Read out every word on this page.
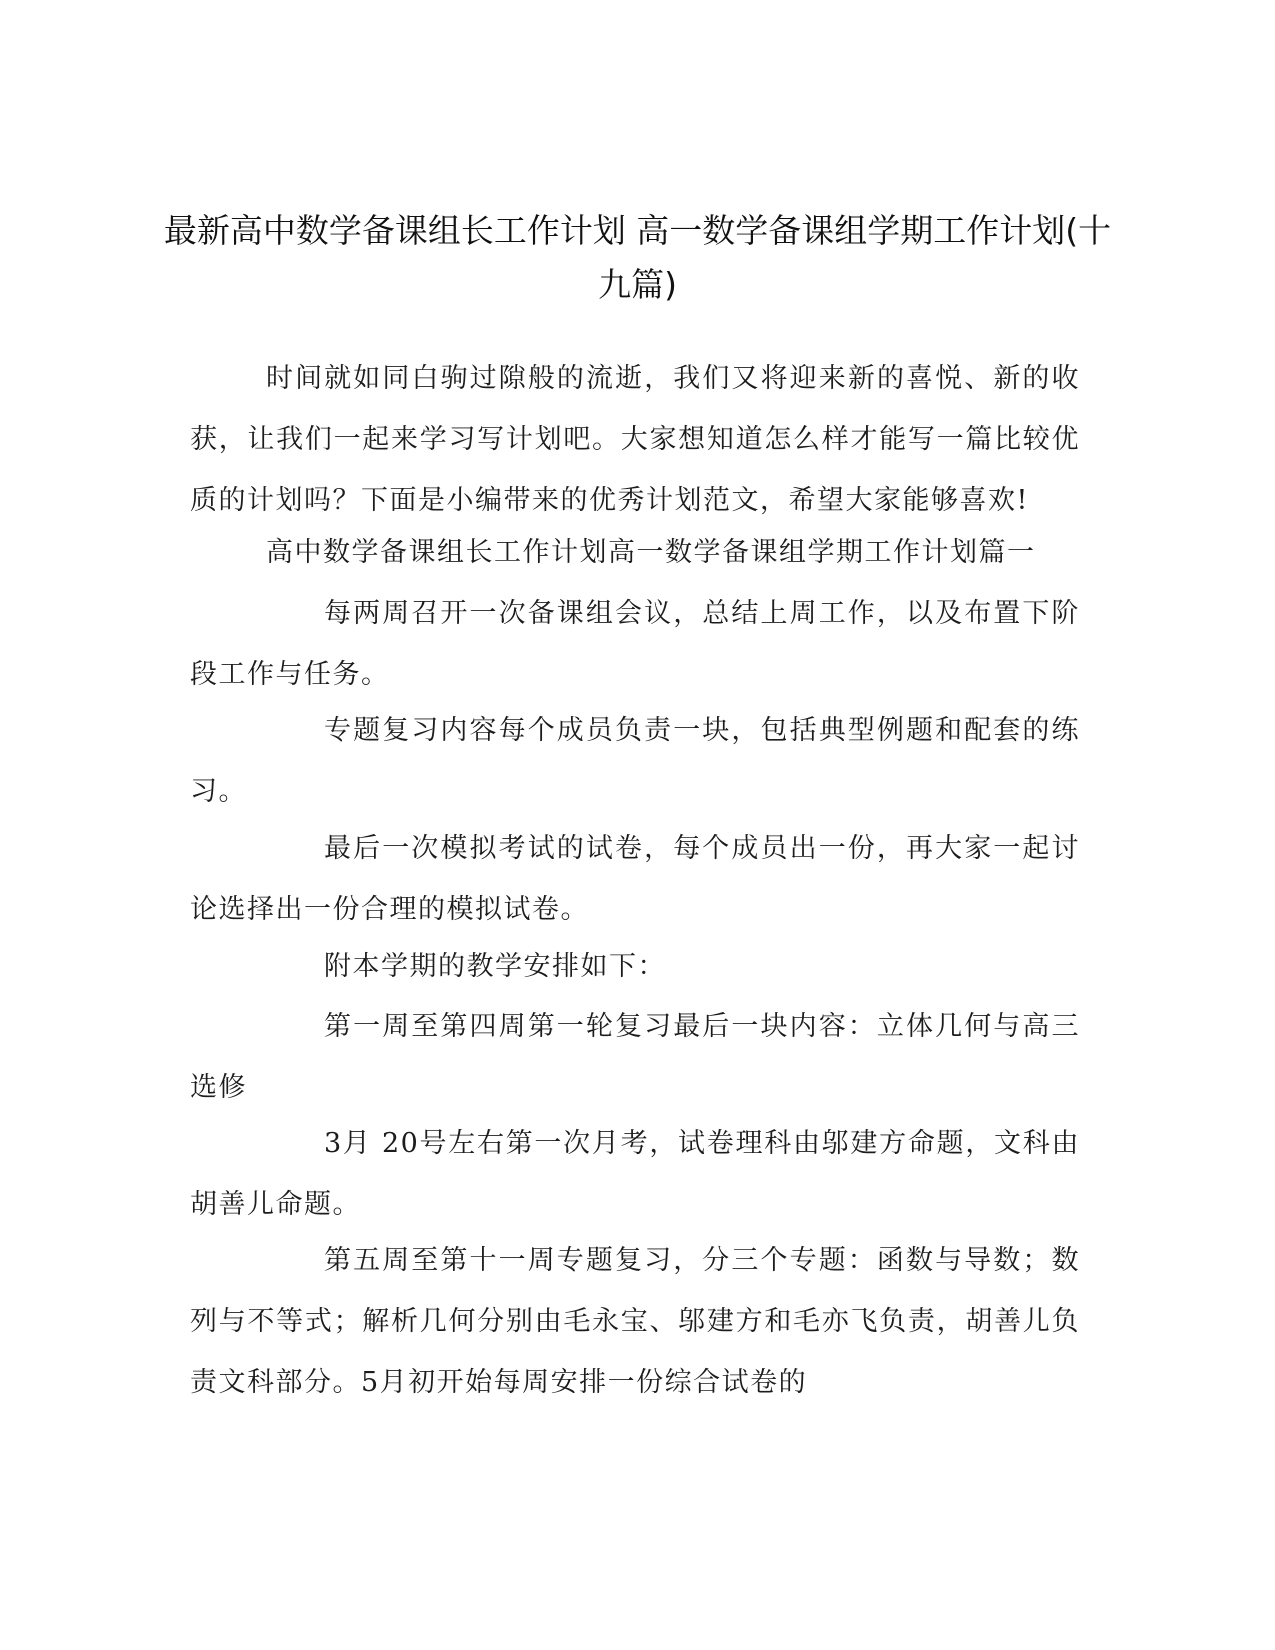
最新高中数学备课组长工作计划 高一数学备课组学期工作计划(十九篇)

时间就如同白驹过隙般的流逝，我们又将迎来新的喜悦、新的收获，让我们一起来学习写计划吧。大家想知道怎么样才能写一篇比较优质的计划吗？下面是小编带来的优秀计划范文，希望大家能够喜欢!

高中数学备课组长工作计划高一数学备课组学期工作计划篇一

每两周召开一次备课组会议，总结上周工作，以及布置下阶段工作与任务。

专题复习内容每个成员负责一块，包括典型例题和配套的练习。

最后一次模拟考试的试卷，每个成员出一份，再大家一起讨论选择出一份合理的模拟试卷。

附本学期的教学安排如下：

第一周至第四周第一轮复习最后一块内容：立体几何与高三选修

3月 20号左右第一次月考，试卷理科由邬建方命题，文科由胡善儿命题。

第五周至第十一周专题复习，分三个专题：函数与导数；数列与不等式；解析几何分别由毛永宝、邬建方和毛亦飞负责，胡善儿负责文科部分。5月初开始每周安排一份综合试卷的
